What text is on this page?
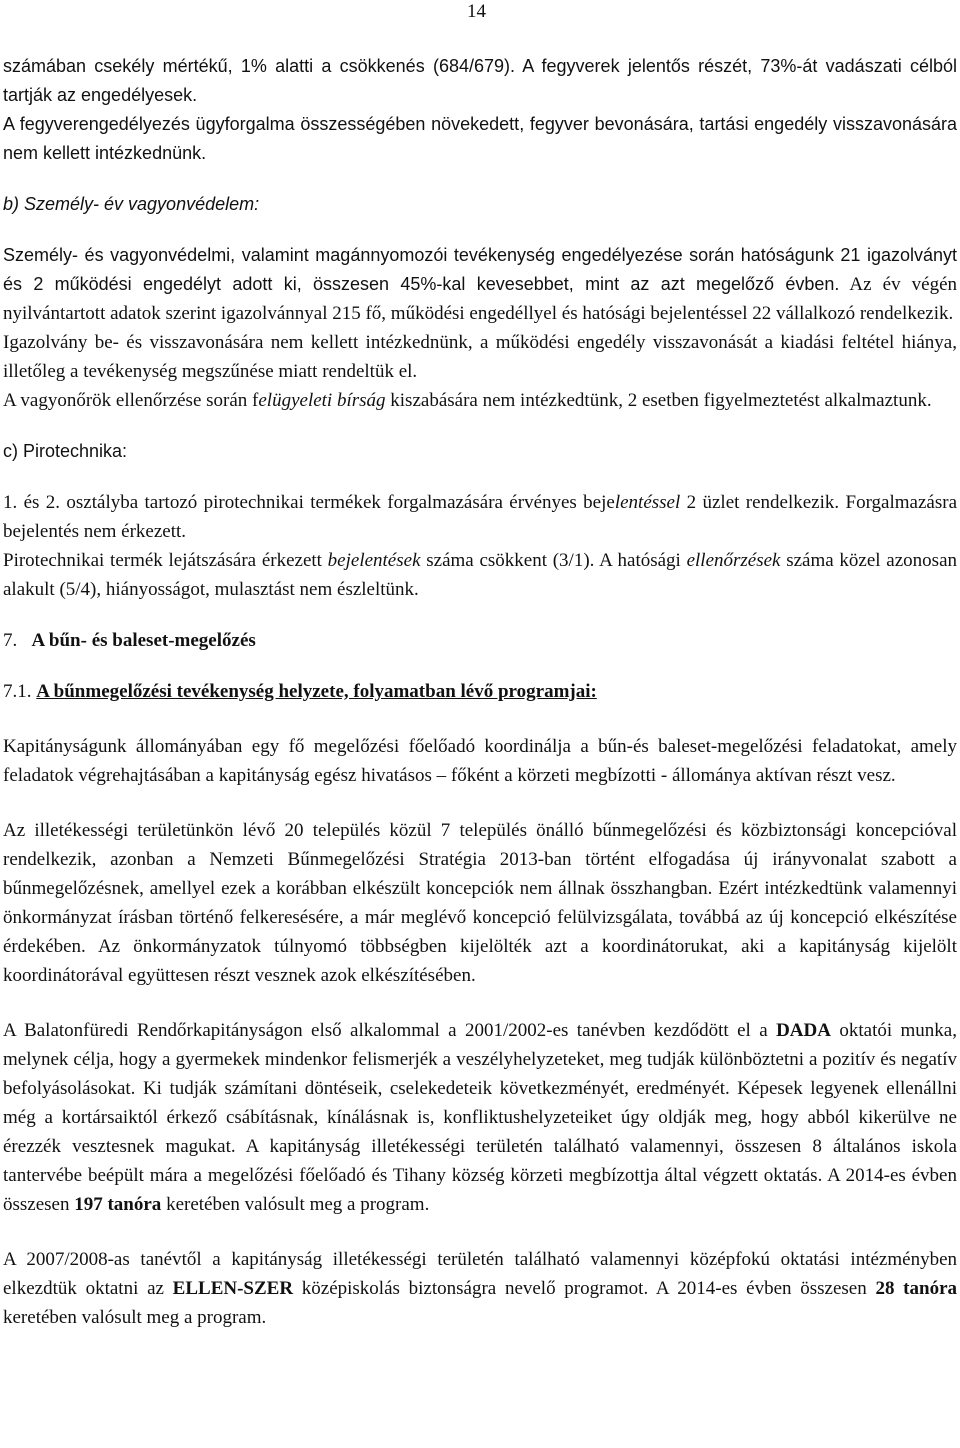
14

számában csekély mértékű, 1% alatti a csökkenés (684/679). A fegyverek jelentős részét, 73%-át vadászati célból tartják az engedélyesek.

A fegyverengedélyezés ügyforgalma összességében növekedett, fegyver bevonására, tartási engedély visszavonására nem kellett intézkednünk.

b) Személy- év vagyonvédelem:

Személy- és vagyonvédelmi, valamint magánnyomozói tevékenység engedélyezése során hatóságunk 21 igazolványt és 2 működési engedélyt adott ki, összesen 45%-kal kevesebbet, mint az azt megelőző évben. Az év végén nyilvántartott adatok szerint igazolvánnyal 215 fő, működési engedéllyel és hatósági bejelentéssel 22 vállalkozó rendelkezik.

Igazolvány be- és visszavonására nem kellett intézkednünk, a működési engedély visszavonását a kiadási feltétel hiánya, illetőleg a tevékenység megszűnése miatt rendeltük el.

A vagyonőrök ellenőrzése során felügyeleti bírság kiszabására nem intézkedtünk, 2 esetben figyelmeztetést alkalmaztunk.

c) Pirotechnika:

1. és 2. osztályba tartozó pirotechnikai termékek forgalmazására érvényes bejelentéssel 2 üzlet rendelkezik. Forgalmazásra bejelentés nem érkezett.

Pirotechnikai termék lejátszására érkezett bejelentések száma csökkent (3/1). A hatósági ellenőrzések száma közel azonosan alakult (5/4), hiányosságot, mulasztást nem észleltünk.

7. A bűn- és baleset-megelőzés
7.1. A bűnmegelőzési tevékenység helyzete, folyamatban lévő programjai:

Kapitányságunk állományában egy fő megelőzési főelőadó koordinálja a bűn-és baleset-megelőzési feladatokat, amely feladatok végrehajtásában a kapitányság egész hivatásos – főként a körzeti megbízotti - állománya aktívan részt vesz.

Az illetékességi területünkön lévő 20 település közül 7 település önálló bűnmegelőzési és közbiztonsági koncepcióval rendelkezik, azonban a Nemzeti Bűnmegelőzési Stratégia 2013-ban történt elfogadása új irányvonalat szabott a bűnmegelőzésnek, amellyel ezek a korábban elkészült koncepciók nem állnak összhangban. Ezért intézkedtünk valamennyi önkormányzat írásban történő felkeresésére, a már meglévő koncepció felülvizsgálata, továbbá az új koncepció elkészítése érdekében. Az önkormányzatok túlnyomó többségben kijelölték azt a koordinátorukat, aki a kapitányság kijelölt koordinátorával együttesen részt vesznek azok elkészítésében.

A Balatonfüredi Rendőrkapitányságon első alkalommal a 2001/2002-es tanévben kezdődött el a DADA oktatói munka, melynek célja, hogy a gyermekek mindenkor felismerjék a veszélyhelyzeteket, meg tudják különböztetni a pozitív és negatív befolyásolásokat. Ki tudják számítani döntéseik, cselekedeteik következményét, eredményét. Képesek legyenek ellenállni még a kortársaiktól érkező csábításnak, kínálásnak is, konfliktushelyzeteiket úgy oldják meg, hogy abból kikerülve ne érezzék vesztesnek magukat. A kapitányság illetékességi területén található valamennyi, összesen 8 általános iskola tantervébe beépült mára a megelőzési főelőadó és Tihany község körzeti megbízottja által végzett oktatás. A 2014-es évben összesen 197 tanóra keretében valósult meg a program.

A 2007/2008-as tanévtől a kapitányság illetékességi területén található valamennyi középfokú oktatási intézményben elkezdtük oktatni az ELLEN-SZER középiskolás biztonságra nevelő programot. A 2014-es évben összesen 28 tanóra keretében valósult meg a program.
